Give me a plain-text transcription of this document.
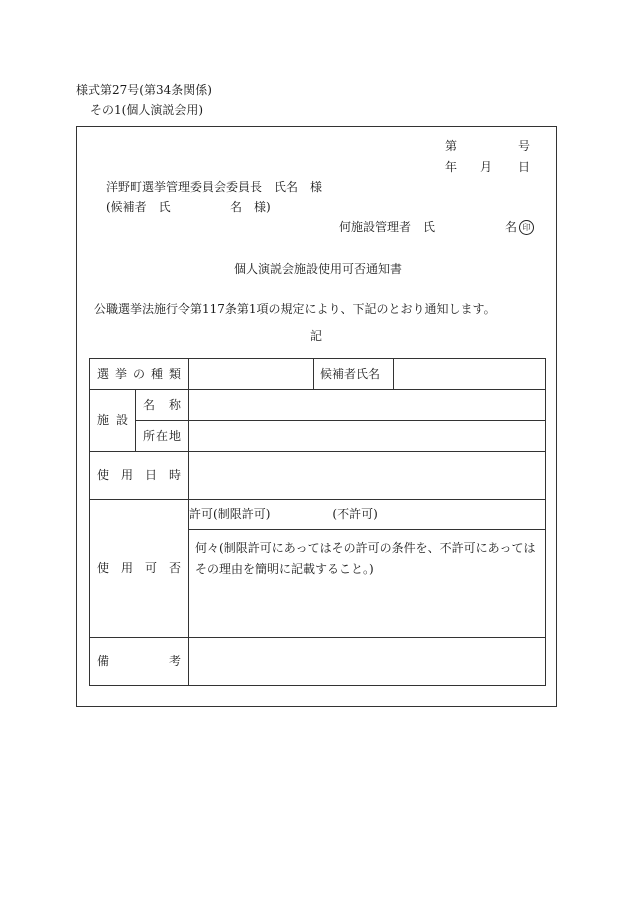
様式第27号(第34条関係)
その1(個人演説会用)
第	号
年 月 日
洋野町選挙管理委員会委員長　氏名　様
(候補者　氏	名　様)
何施設管理者　氏	名 印
個人演説会施設使用可否通知書
公職選挙法施行令第117条第1項の規定により、下記のとおり通知します。
記
選 挙 の 種 類			候補者氏名	

施 設	名 称			

	所 在 地			

使 用 日 時				

使 用 可 否		許可(制限許可) (不許可)		

		何々(制限許可にあってはその許可の条件を、不許可にあってはその理由を簡明に記載すること。)		

備 考				
